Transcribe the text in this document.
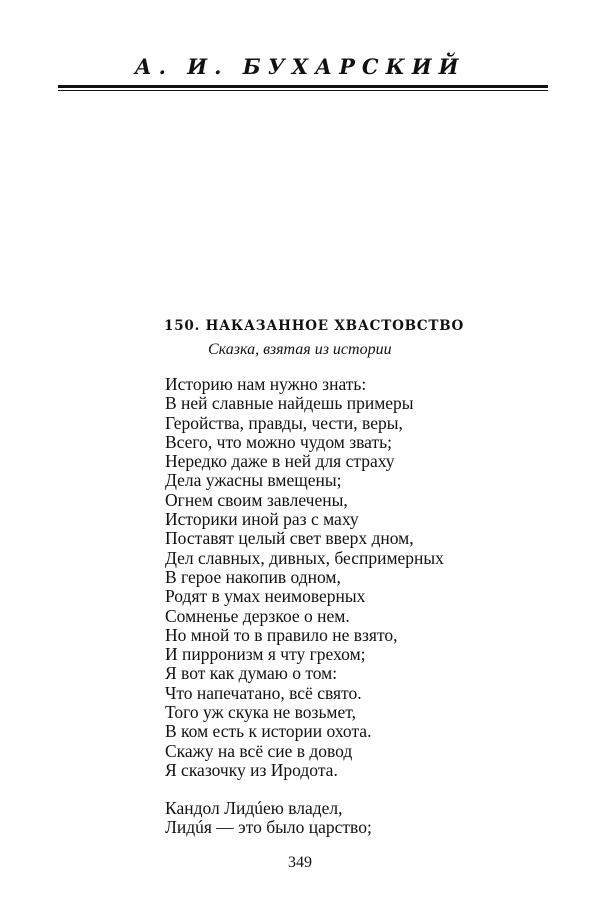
А. И. БУХАРСКИЙ
150. НАКАЗАННОЕ ХВАСТОВСТВО
Сказка, взятая из истории
Историю нам нужно знать:
В ней славные найдешь примеры
Геройства, правды, чести, веры,
Всего, что можно чудом звать;
Нередко даже в ней для страху
Дела ужасны вмещены;
Огнем своим завлечены,
Историки иной раз с маху
Поставят целый свет вверх дном,
Дел славных, дивных, беспримерных
В герое накопив одном,
Родят в умах неимоверных
Сомненье дерзкое о нем.
Но мной то в правило не взято,
И пирронизм я чту грехом;
Я вот как думаю о том:
Что напечатано, всё свято.
Того уж скука не возьмет,
В ком есть к истории охота.
Скажу на всё сие в довод
Я сказочку из Иродота.
Кандол Лидúею владел,
Лидúя — это было царство;
349
